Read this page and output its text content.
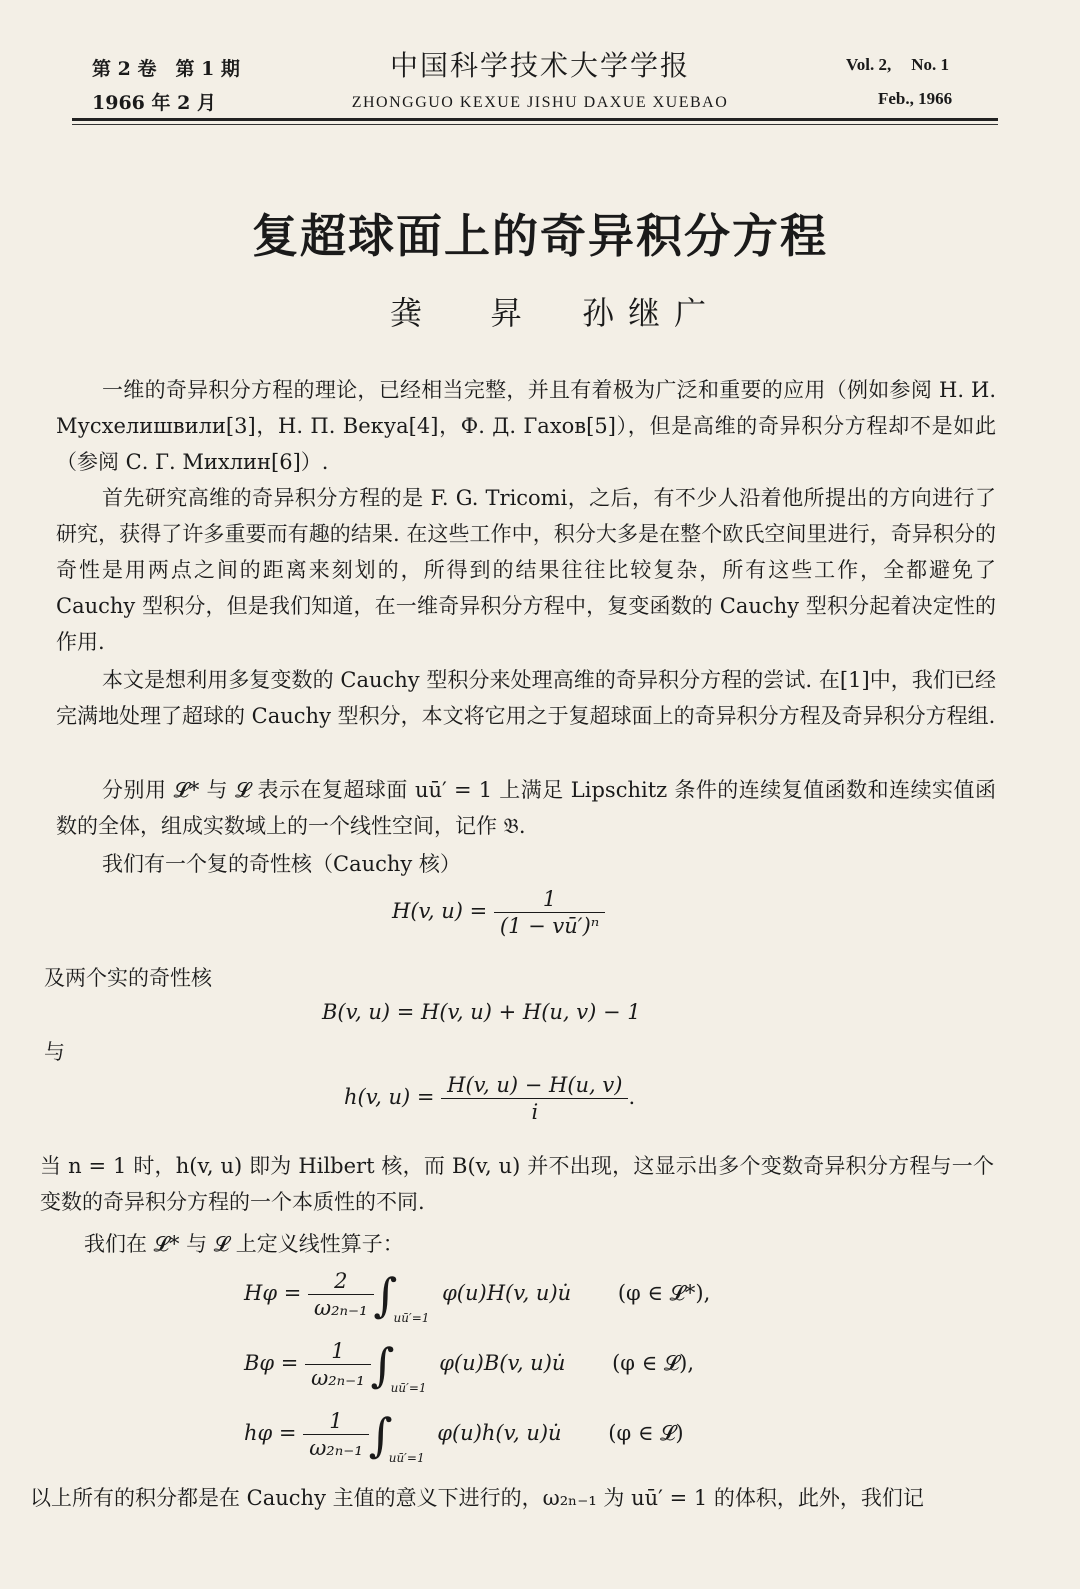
第 2 卷　第 1 期
1966 年 2 月
中国科学技术大学学报
ZHONGGUO KEXUE JISHU DAXUE XUEBAO
Vol. 2, No. 1
Feb., 1966
复超球面上的奇异积分方程
龚 昇　孙继广
一维的奇异积分方程的理论，已经相当完整，并且有着极为广泛和重要的应用（例如参阅 Н. И. Мусхелишвили[3]，Н. П. Векуа[4]，Ф. Д. Гахов[5]），但是高维的奇异积分方程却不是如此（参阅 С. Г. Михлин[6]）.
首先研究高维的奇异积分方程的是 F. G. Tricomi，之后，有不少人沿着他所提出的方向进行了研究，获得了许多重要而有趣的结果. 在这些工作中，积分大多是在整个欧氏空间里进行，奇异积分的奇性是用两点之间的距离来刻划的，所得到的结果往往比较复杂，所有这些工作，全都避免了 Cauchy 型积分，但是我们知道，在一维奇异积分方程中，复变函数的 Cauchy 型积分起着决定性的作用.
本文是想利用多复变数的 Cauchy 型积分来处理高维的奇异积分方程的尝试. 在[1]中，我们已经完满地处理了超球的 Cauchy 型积分，本文将它用之于复超球面上的奇异积分方程及奇异积分方程组.
分别用 𝓛* 与 𝓛 表示在复超球面 uū′ = 1 上满足 Lipschitz 条件的连续复值函数和连续实值函数的全体，组成实数域上的一个线性空间，记作 𝔅.
我们有一个复的奇性核（Cauchy 核）
H(v, $u) = \frac{1}{\text{(1 − vū′)ⁿ}}$
及两个实的奇性核
B(v, u) = H(v, u) + H(u, v) − 1
与
h(v, $u) = \frac{H(v, u) - H(u, v)}{i}$ .
当 n = 1 时，h(v, u) 即为 Hilbert 核，而 B(v, u) 并不出现，这显示出多个变数奇异积分方程与一个变数的奇异积分方程的一个本质性的不同.
我们在 𝓛* 与 𝓛 上定义线性算子：
$H\varphi = \frac{2}{\text{ω₂ₙ₋₁}} \int_{uū'=1}$ φ(u)H(v, u)u̇ (φ ∈ 𝓛*),
$B\varphi = \frac{1}{\text{ω₂ₙ₋₁}} \int_{uū'=1}$ φ(u)B(v, u)u̇ (φ ∈ 𝓛),
$h\varphi = \frac{1}{\text{ω₂ₙ₋₁}} \int_{uū'=1}$ φ(u)h(v, u)u̇ (φ ∈ 𝓛)
以上所有的积分都是在 Cauchy 主值的意义下进行的，ω₂ₙ₋₁ 为 uū′ = 1 的体积，此外，我们记
